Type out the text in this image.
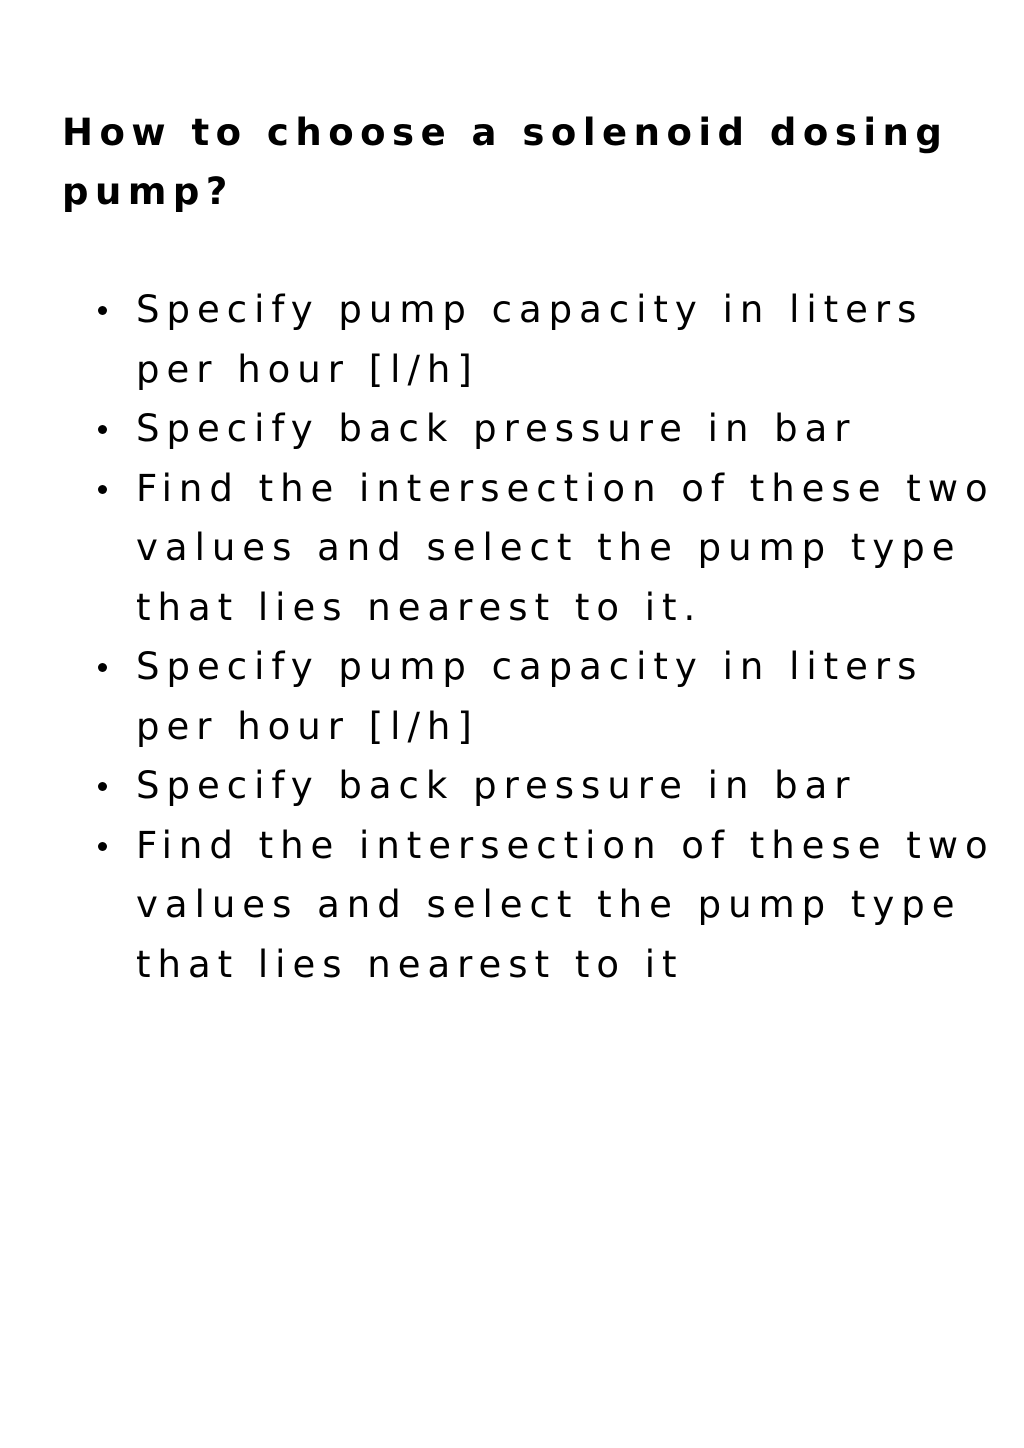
How to choose a solenoid dosing pump?
Specify pump capacity in liters per hour [l/h]
Specify back pressure in bar
Find the intersection of these two values and select the pump type that lies nearest to it.
Specify pump capacity in liters per hour [l/h]
Specify back pressure in bar
Find the intersection of these two values and select the pump type that lies nearest to it
